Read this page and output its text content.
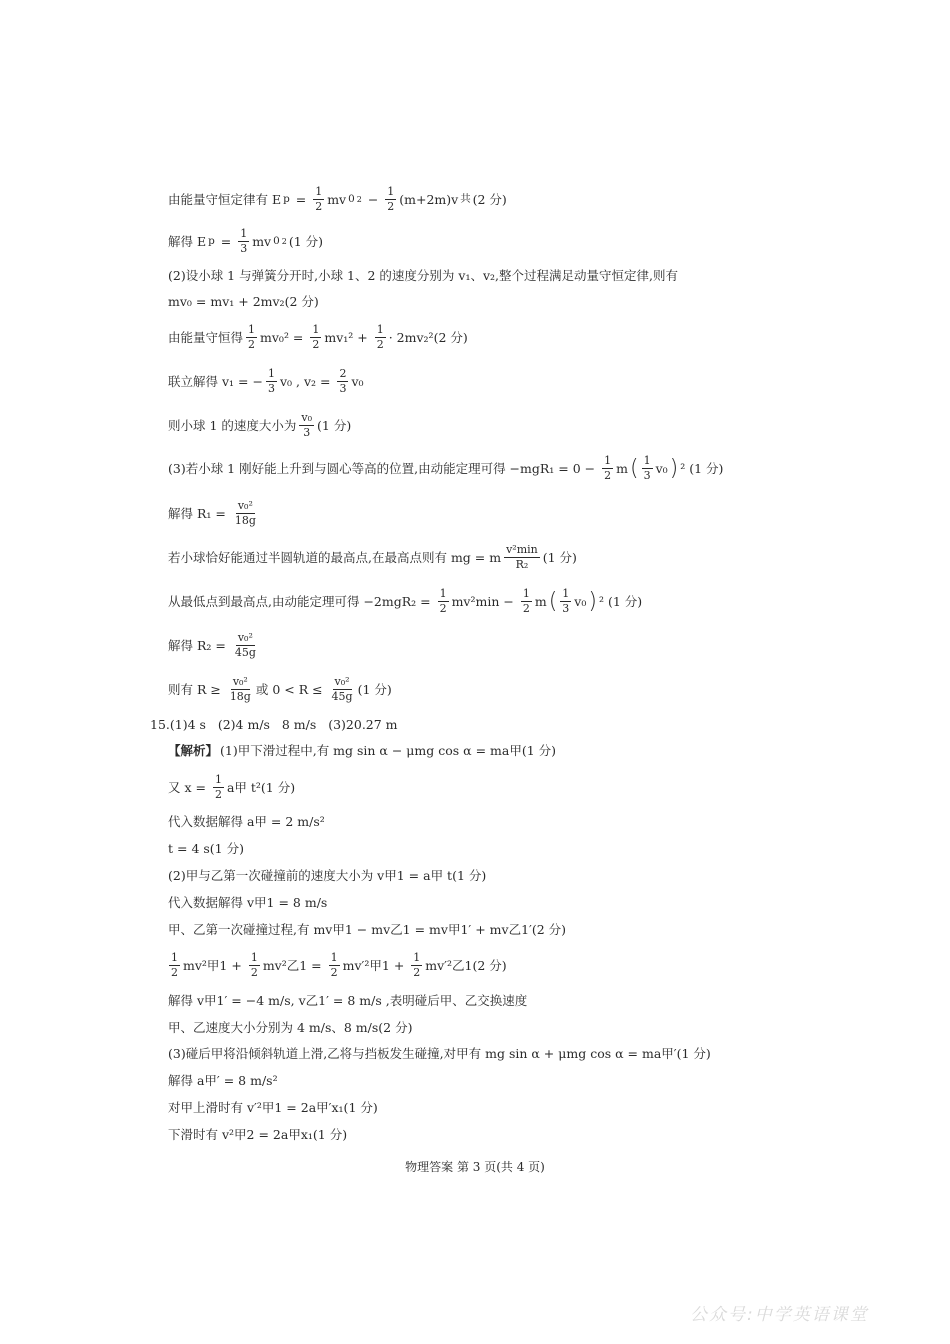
由能量守恒定律有 E $p = \frac{1}{2}$ mv 0 $2 - \frac{1}{2} (m+2m)v$ 共 (2 分)
解得 E $p = \frac{1}{3}$ mv 0 2 (1 分)
(2)设小球 1 与弹簧分开时,小球 1、2 的速度分别为 v₁、v₂,整个过程满足动量守恒定律,则有
mv₀ = mv₁ + 2mv₂(2 分)
由能量守恒得 $\frac{1}{2} mv_0^2 = \frac{1}{2} mv_1^2 + \frac{1}{2} \cdot 2mv_2^2(2$ 分)
联立解得 v₁ = − $\frac{1}{3} v_0$ , $v_2 = \frac{2}{3} v_0$
则小球 1 的速度大小为 $\frac{\text{v₀}}{3} (1$ 分)
(3)若小球 1 刚好能上升到与圆心等高的位置,由动能定理可得 $-mgR_1 = 0 - \frac{1}{2}$ m ( $\frac{1}{3} v_0$ ) ² (1 分)
解得 $R_1 = \frac{\text{v₀²}}{18g}$
若小球恰好能通过半圆轨道的最高点,在最高点则有 mg = m $\frac{\text{v²min}}{\text{R₂}} (1$ 分)
从最低点到最高点,由动能定理可得 $-2mgR_2 = \frac{1}{2} mv^2\min - \frac{1}{2}$ m ( $\frac{1}{3} v_0$ ) ² (1 分)
解得 $R_2 = \frac{\text{v₀²}}{45g}$
则有 $R \ge \frac{\text{v₀²}}{18g}$ 或 $0 < R \le \frac{\text{v₀²}}{45g} (1$ 分)
15.(1)4 s   (2)4 m/s   8 m/s   (3)20.27 m
【解析】 (1)甲下滑过程中,有 mg sin α − μmg cos α = ma甲(1 分)
又 $x = \frac{1}{2}$ a甲 t²(1 分)
代入数据解得 a甲 = 2 m/s²
t = 4 s(1 分)
(2)甲与乙第一次碰撞前的速度大小为 v甲1 = a甲 t(1 分)
代入数据解得 v甲1 = 8 m/s
甲、乙第一次碰撞过程,有 mv甲1 − mv乙1 = mv甲1′ + mv乙1′(2 分)
$\frac{1}{2} mv^2$甲$1 + \frac{1}{2} mv^2$乙$1 = \frac{1}{2} mv'^2$甲$1 + \frac{1}{2} mv'^2$乙1(2 分)
解得 v甲1′ = −4 m/s, v乙1′ = 8 m/s ,表明碰后甲、乙交换速度
甲、乙速度大小分别为 4 m/s、8 m/s(2 分)
(3)碰后甲将沿倾斜轨道上滑,乙将与挡板发生碰撞,对甲有 mg sin α + μmg cos α = ma甲′(1 分)
解得 a甲′ = 8 m/s²
对甲上滑时有 v′²甲1 = 2a甲′x₁(1 分)
下滑时有 v²甲2 = 2a甲x₁(1 分)
物理答案 第 3 页(共 4 页)
公众号:中学英语课堂
